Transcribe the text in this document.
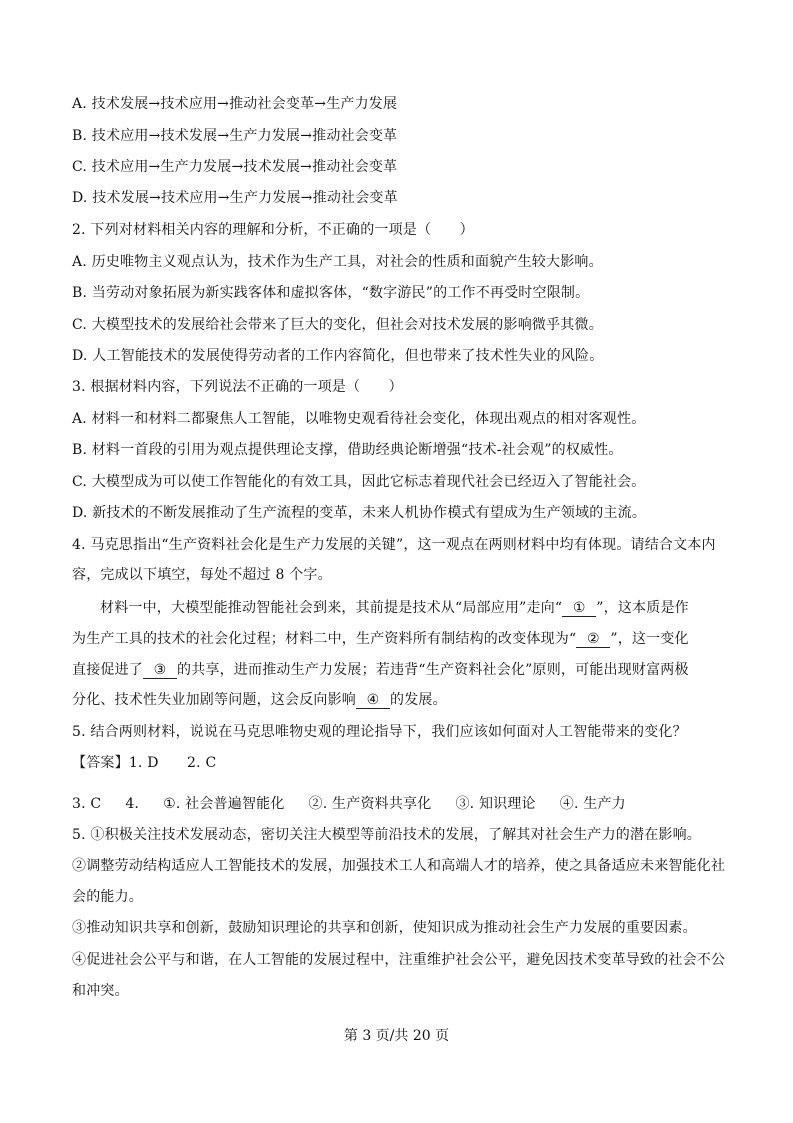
A. 技术发展→技术应用→推动社会变革→生产力发展
B. 技术应用→技术发展→生产力发展→推动社会变革
C. 技术应用→生产力发展→技术发展→推动社会变革
D. 技术发展→技术应用→生产力发展→推动社会变革
2. 下列对材料相关内容的理解和分析，不正确的一项是（　　）
A. 历史唯物主义观点认为，技术作为生产工具，对社会的性质和面貌产生较大影响。
B. 当劳动对象拓展为新实践客体和虚拟客体，“数字游民”的工作不再受时空限制。
C. 大模型技术的发展给社会带来了巨大的变化，但社会对技术发展的影响微乎其微。
D. 人工智能技术的发展使得劳动者的工作内容简化，但也带来了技术性失业的风险。
3. 根据材料内容，下列说法不正确的一项是（　　）
A. 材料一和材料二都聚焦人工智能，以唯物史观看待社会变化，体现出观点的相对客观性。
B. 材料一首段的引用为观点提供理论支撑，借助经典论断增强“技术-社会观”的权威性。
C. 大模型成为可以使工作智能化的有效工具，因此它标志着现代社会已经迈入了智能社会。
D. 新技术的不断发展推动了生产流程的变革，未来人机协作模式有望成为生产领域的主流。
4. 马克思指出“生产资料社会化是生产力发展的关键”，这一观点在两则材料中均有体现。请结合文本内
容，完成以下填空，每处不超过 8 个字。
材料一中，大模型能推动智能社会到来，其前提是技术从“局部应用”走向“ ① ”，这本质是作
为生产工具的技术的社会化过程；材料二中，生产资料所有制结构的改变体现为“ ② ”，这一变化
直接促进了 ③ 的共享，进而推动生产力发展；若违背“生产资料社会化”原则，可能出现财富两极
分化、技术性失业加剧等问题，这会反向影响 ④ 的发展。
5. 结合两则材料，说说在马克思唯物史观的理论指导下，我们应该如何面对人工智能带来的变化？
【答案】1. D　　2. C
3. C 4. ①. 社会普遍智能化 ②. 生产资料共享化 ③. 知识理论 ④. 生产力
5. ①积极关注技术发展动态，密切关注大模型等前沿技术的发展，了解其对社会生产力的潜在影响。
②调整劳动结构适应人工智能技术的发展，加强技术工人和高端人才的培养，使之具备适应未来智能化社
会的能力。
③推动知识共享和创新，鼓励知识理论的共享和创新，使知识成为推动社会生产力发展的重要因素。
④促进社会公平与和谐，在人工智能的发展过程中，注重维护社会公平，避免因技术变革导致的社会不公
和冲突。
第 3 页/共 20 页
